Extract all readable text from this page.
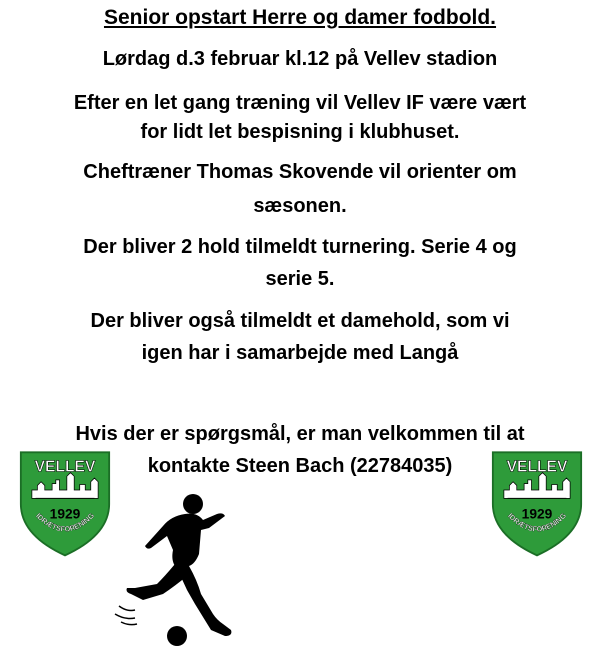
Senior opstart Herre og damer fodbold.
Lørdag d.3 februar kl.12 på Vellev stadion
Efter en let gang træning vil Vellev IF være vært
for lidt let bespisning i klubhuset.
Cheftræner Thomas Skovende vil orienter om
sæsonen.
Der bliver 2 hold tilmeldt turnering. Serie 4 og
serie 5.
Der bliver også tilmeldt et damehold, som vi
igen har i samarbejde med Langå
Hvis der er spørgsmål, er man velkommen til at
kontakte Steen Bach (22784035)
VELLEV
1929
IDRÆTSFORENING
VELLEV
1929
IDRÆTSFORENING
